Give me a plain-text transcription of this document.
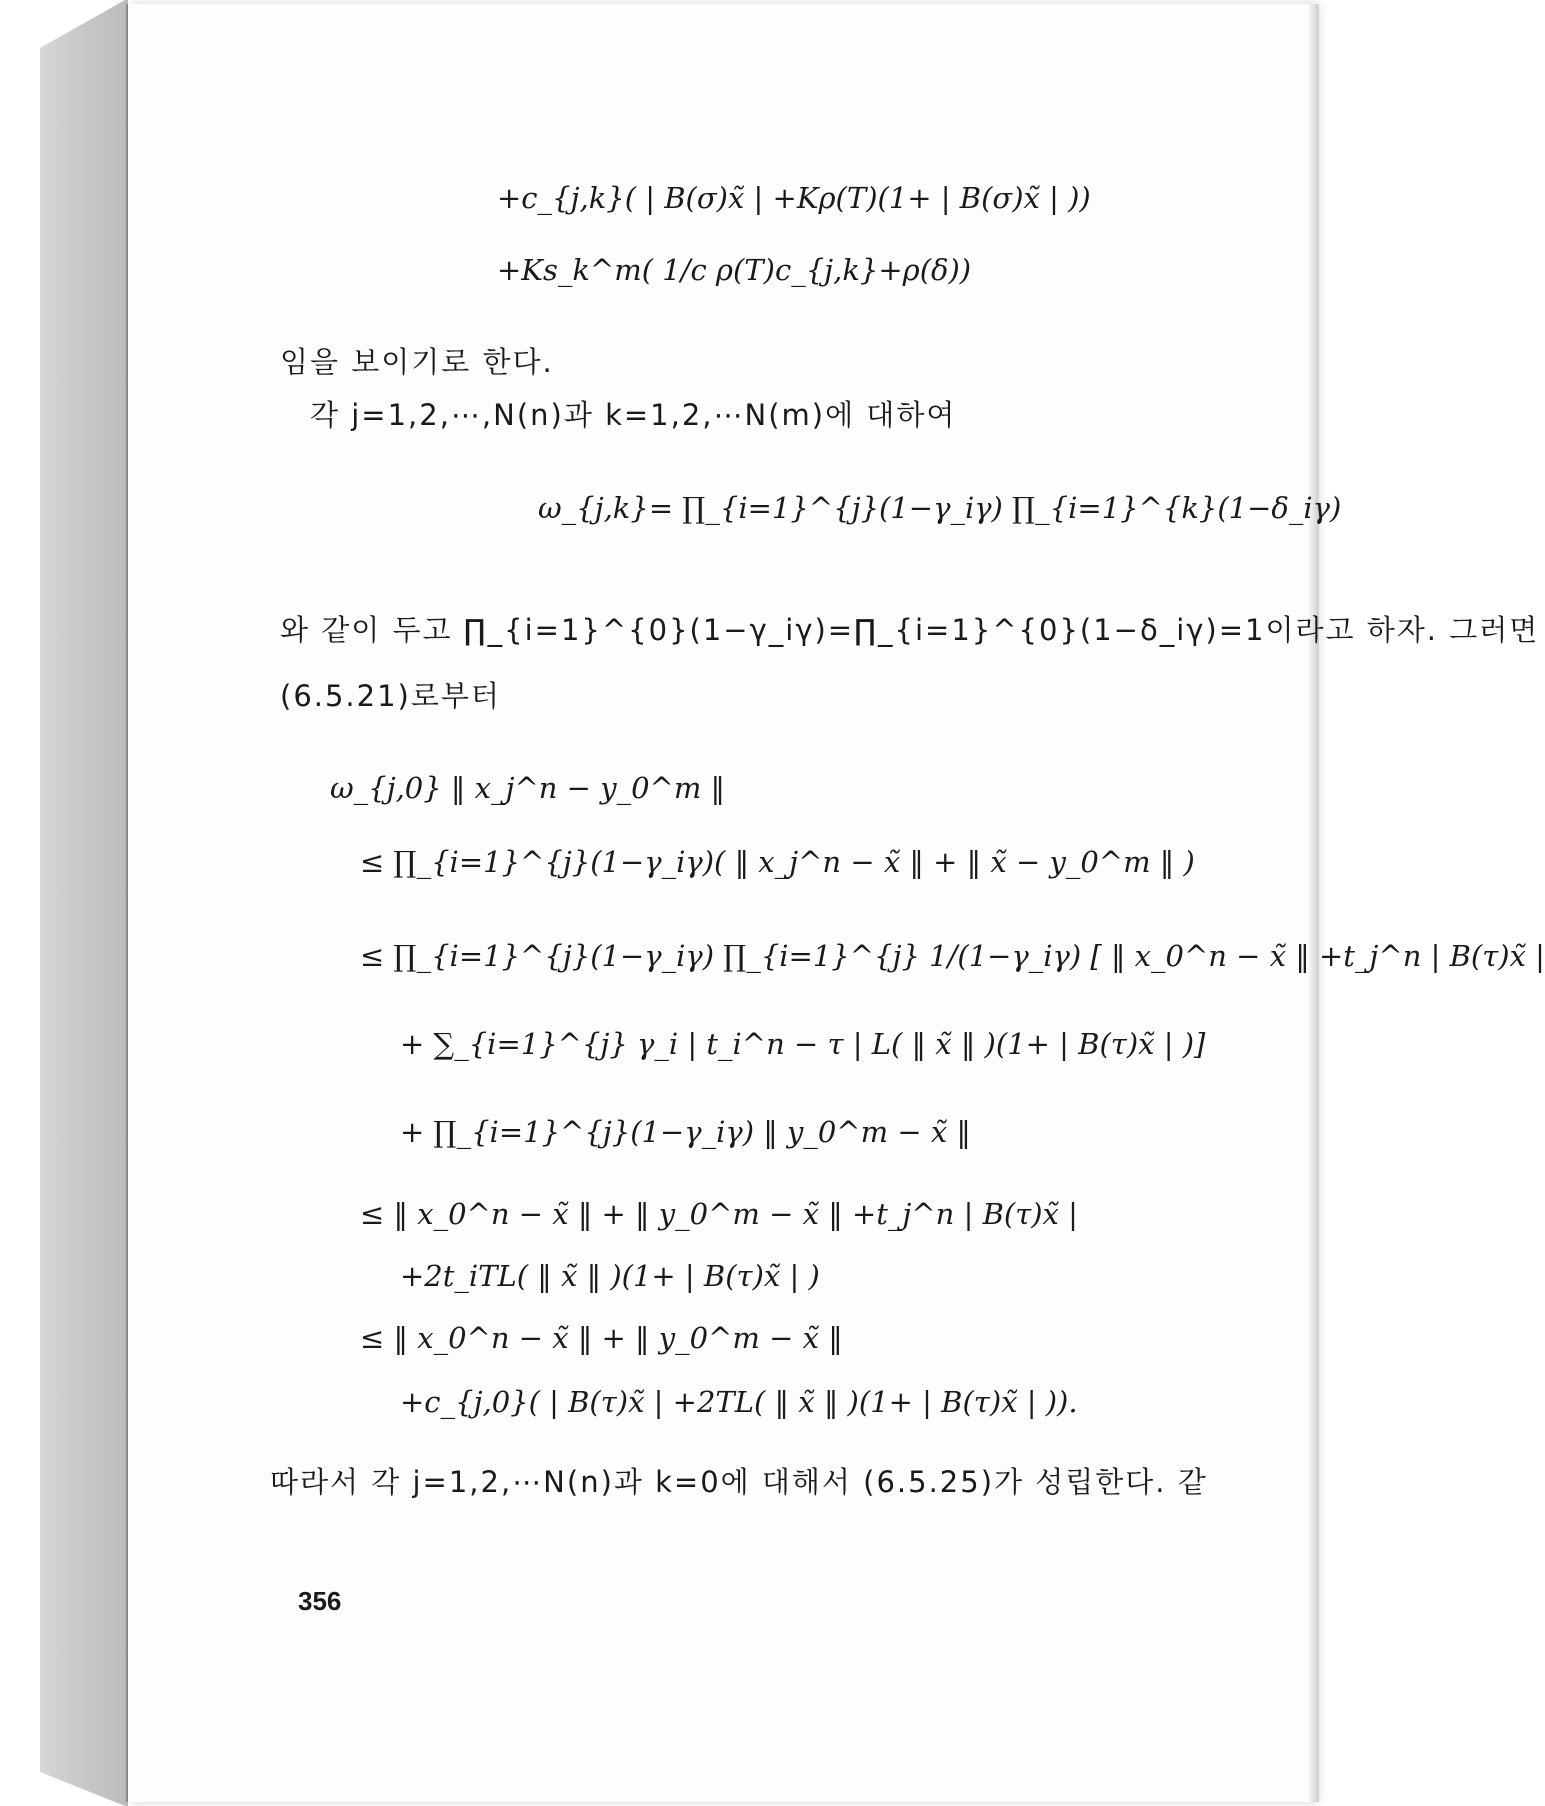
+c_{j,k}( | B(σ)x̃ | +Kρ(T)(1+ | B(σ)x̃ | ))
+Ks_k^m( 1/c ρ(T)c_{j,k}+ρ(δ))
임을 보이기로 한다.
각 j=1,2,⋯,N(n)과 k=1,2,⋯N(m)에 대하여
ω_{j,k}= ∏_{i=1}^{j}(1−γ_iγ) ∏_{i=1}^{k}(1−δ_iγ)
와 같이 두고 ∏_{i=1}^{0}(1−γ_iγ)=∏_{i=1}^{0}(1−δ_iγ)=1이라고 하자. 그러면
(6.5.21)로부터
ω_{j,0} ‖ x_j^n − y_0^m ‖
≤ ∏_{i=1}^{j}(1−γ_iγ)( ‖ x_j^n − x̃ ‖ + ‖ x̃ − y_0^m ‖ )
≤ ∏_{i=1}^{j}(1−γ_iγ) ∏_{i=1}^{j} 1/(1−γ_iγ) [ ‖ x_0^n − x̃ ‖ +t_j^n | B(τ)x̃ |
+ ∑_{i=1}^{j} γ_i | t_i^n − τ | L( ‖ x̃ ‖ )(1+ | B(τ)x̃ | )]
+ ∏_{i=1}^{j}(1−γ_iγ) ‖ y_0^m − x̃ ‖
≤ ‖ x_0^n − x̃ ‖ + ‖ y_0^m − x̃ ‖ +t_j^n | B(τ)x̃ |
+2t_iTL( ‖ x̃ ‖ )(1+ | B(τ)x̃ | )
≤ ‖ x_0^n − x̃ ‖ + ‖ y_0^m − x̃ ‖
+c_{j,0}( | B(τ)x̃ | +2TL( ‖ x̃ ‖ )(1+ | B(τ)x̃ | )).
따라서 각 j=1,2,⋯N(n)과 k=0에 대해서 (6.5.25)가 성립한다. 같
356
